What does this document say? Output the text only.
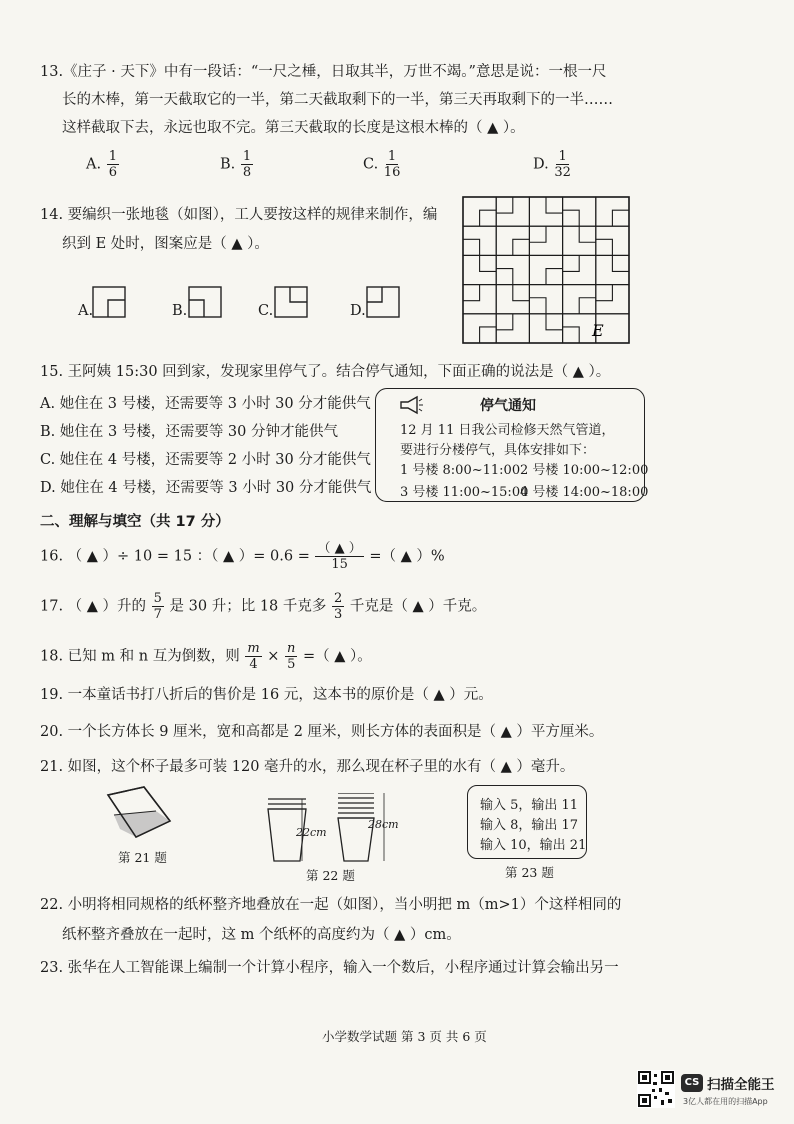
13.《庄子 · 天下》中有一段话：“一尺之棰，日取其半，万世不竭。”意思是说：一根一尺
长的木棒，第一天截取它的一半，第二天截取剩下的一半，第三天再取剩下的一半……
这样截取下去，永远也取不完。第三天截取的长度是这根木棒的（ ▲ ）。
A. $\frac{1}{6}$	B. $\frac{1}{8}$	C. $\frac{1}{16}$	D. $\frac{1}{32}$
14. 要编织一张地毯（如图），工人要按这样的规律来制作，编
织到 E 处时，图案应是（ ▲ ）。
A.	B.	C.	D.
E
15. 王阿姨 15:30 回到家，发现家里停气了。结合停气通知，下面正确的说法是（ ▲ ）。
A. 她住在 3 号楼，还需要等 3 小时 30 分才能供气
B. 她住在 3 号楼，还需要等 30 分钟才能供气
C. 她住在 4 号楼，还需要等 2 小时 30 分才能供气
D. 她住在 4 号楼，还需要等 3 小时 30 分才能供气
停气通知
12 月 11 日我公司检修天然气管道，
要进行分楼停气，具体安排如下：
1 号楼 8:00~11:00 2 号楼 10:00~12:00
3 号楼 11:00~15:00
4 号楼 14:00~18:00
二、理解与填空（共 17 分）
16. （ ▲ ）÷ 10 = 15 ：（ ▲ ）= $0.6 = \frac{( ▲ )}{15}$ =（ ▲ ）%
17. （ ▲ ）升的 $\frac{5}{7}$ 是 30 升；比 18 千克多 $\frac{2}{3}$ 千克是（ ▲ ）千克。
18. 已知 m 和 n 互为倒数，则 $\frac{m}{4} \times \frac{n}{5}$ =（ ▲ ）。
19. 一本童话书打八折后的售价是 16 元，这本书的原价是（ ▲ ）元。
20. 一个长方体长 9 厘米，宽和高都是 2 厘米，则长方体的表面积是（ ▲ ）平方厘米。
21. 如图，这个杯子最多可装 120 毫升的水，那么现在杯子里的水有（ ▲ ）毫升。
第 21 题
22cm
28cm
第 22 题
输入 5，输出 11
输入 8，输出 17
输入 10，输出 21
第 23 题
22. 小明将相同规格的纸杯整齐地叠放在一起（如图），当小明把 m（m>1）个这样相同的
纸杯整齐叠放在一起时，这 m 个纸杯的高度约为（ ▲ ）cm。
23. 张华在人工智能课上编制一个计算小程序，输入一个数后，小程序通过计算会输出另一
小学数学试题 第 3 页 共 6 页
CS 扫描全能王
3亿人都在用的扫描App
